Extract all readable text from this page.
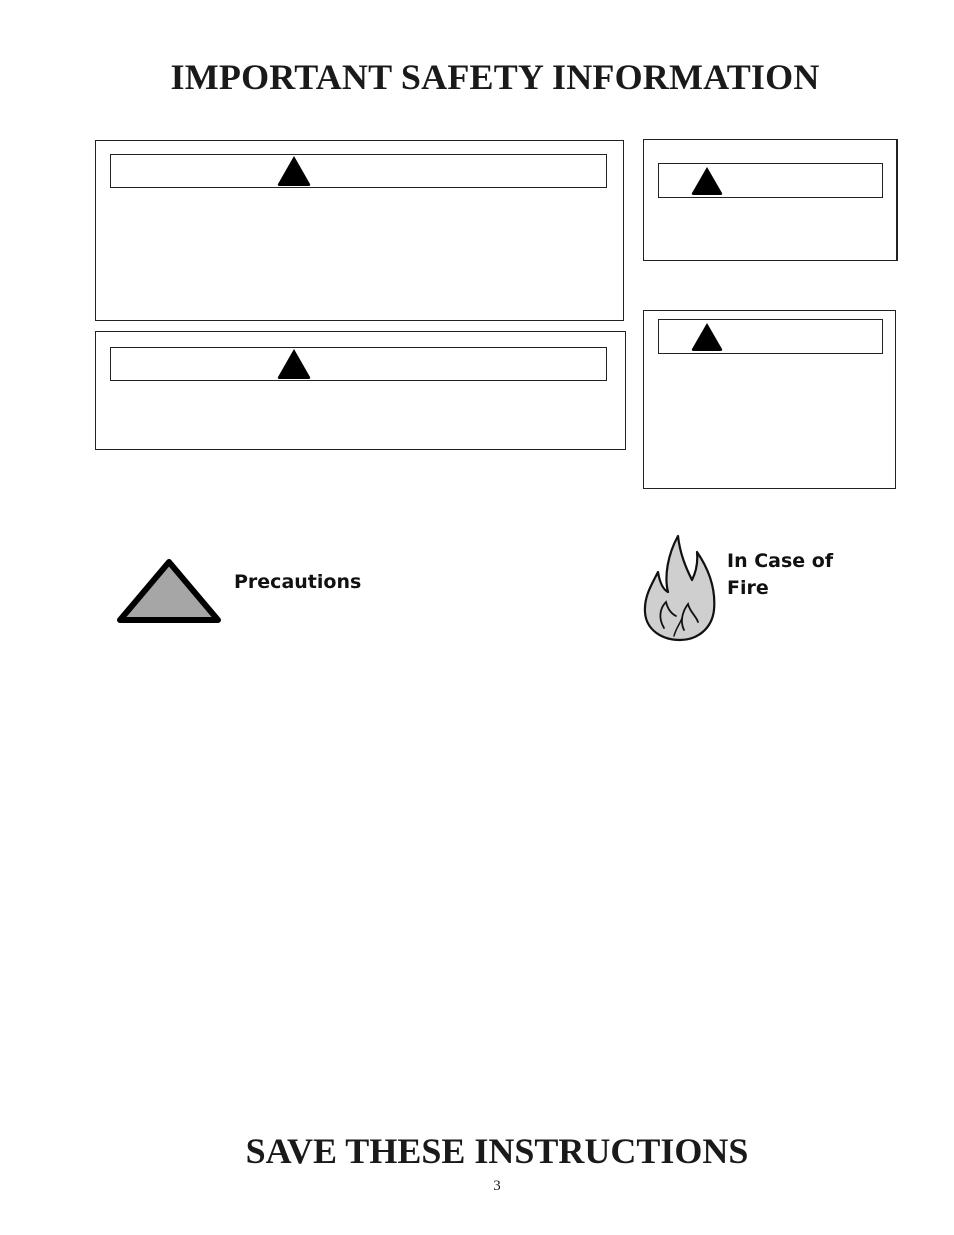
IMPORTANT SAFETY INFORMATION
Precautions
In Case of
Fire
SAVE THESE INSTRUCTIONS
3
